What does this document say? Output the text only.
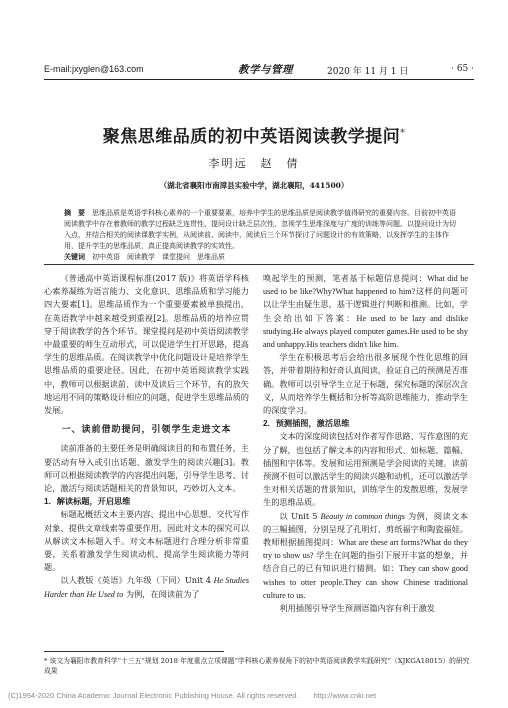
E-mail:jxyglen@163.com	教学与管理	2020 年 11 月 1 日	· 65 ·
聚焦思维品质的初中英语阅读教学提问*
李明远　赵　倩
（湖北省襄阳市南漳县实验中学，湖北襄阳，441500）
摘　要　 思维品质是英语学科核心素养的一个重要要素，培养中学生的思维品质是阅读教学值得研究的重要内容。目前初中英语阅读教学中存在着教师的教学过程缺乏连贯性、提问设计缺乏层次性、忽视学生思维深度与广度的训练等问题。以提问设计为切入点，并结合相关的阅读课教学实例，从阅读前、阅读中、阅读后三个环节探讨了问题设计的有效策略，以发挥学生的主体作用，提升学生的思维品质，真正提高阅读教学的实效性。
关键词　 初中英语　阅读教学　课堂提问　思维品质

《普通高中英语课程标准(2017 版)》将英语学科核心素养凝练为语言能力、文化意识、思维品质和学习能力四大要素[1]。思维品质作为一个重要要素被单独提出，在英语教学中越来越受到重视[2]。思维品质的培养应贯穿于阅读教学的各个环节。课堂提问是初中英语阅读教学中最重要的师生互动形式，可以促进学生打开思路，提高学生的思维品质。在阅读教学中优化问题设计是培养学生思维品质的重要途径。因此，在初中英语阅读教学实践中，教师可以根据读前、读中及读后三个环节，有的放矢地运用不同的策略设计相应的问题，促进学生思维品质的发展。

一、读前借助提问，引领学生走进文本

读前准备的主要任务是明确阅读目的和布置任务，主要活动有导入或引出话题、激发学生的阅读兴趣[3]。教师可以根据阅读教学的内容提出问题，引导学生思考、讨论，激活与阅读话题相关的背景知识，巧妙切入文本。

1．解读标题，开启思维

标题起概括文本主要内容、提出中心思想、交代写作对象、提供文章线索等重要作用，因此对文本的探究可以从解读文本标题入手。对文本标题进行合理分析非常重要，关系着激发学生阅读动机、提高学生阅读能力等问题。

以人教版《英语》九年级（下同）Unit 4 He Studies Harder than He Used to 为例，在阅读前为了

唤起学生的预测，笔者基于标题信息提问：What did he used to be like?Why?What happened to him?这样的问题可以让学生由疑生思，基于逻辑进行判断和推测。比如，学生会给出如下答案：He used to be lazy and dislike studying.He always played computer games.He used to be shy and unhappy.His teachers didn't like him.

学生在积极思考后会给出很多展现个性化思维的回答，并带着期待和好奇认真阅读，验证自己的预测是否准确。教师可以引导学生立足于标题，探究标题的深层次含义，从而培养学生概括和分析等高阶思维能力，推动学生的深度学习。

2．预测插图，激活思维

文本的深度阅读包括对作者写作思路、写作意图的充分了解，也包括了解文本的内容和形式、如标题、篇幅、插图和字体等。发展和运用预测是学会阅读的关键。读前预测不但可以激活学生的阅读兴趣和动机，还可以激活学生对相关话题的背景知识，训练学生的发散思维，发展学生的思维品质。

以 Unit 5 Beauty in common things 为例，阅读文本的三幅插图，分别呈现了孔明灯、剪纸福字和陶瓷福娃。教师根据插图提问：What are these art forms?What do they try to show us? 学生在问题的指引下展开丰富的想象，并结合自己的已有知识进行猜测。如：They can show good wishes to otter people.They can show Chinese traditional culture to us.

利用插图引导学生预测语篇内容有利于激发

* 该文为襄阳市教育科学“十三五”规划 2018 年度重点立项课题“学科核心素养视角下的初中英语阅读教学实践研究”（XJKGA18015）的研究成果
(C)1994-2020 China Academic Journal Electronic Publishing House. All rights reserved.　　http://www.cnki.net
